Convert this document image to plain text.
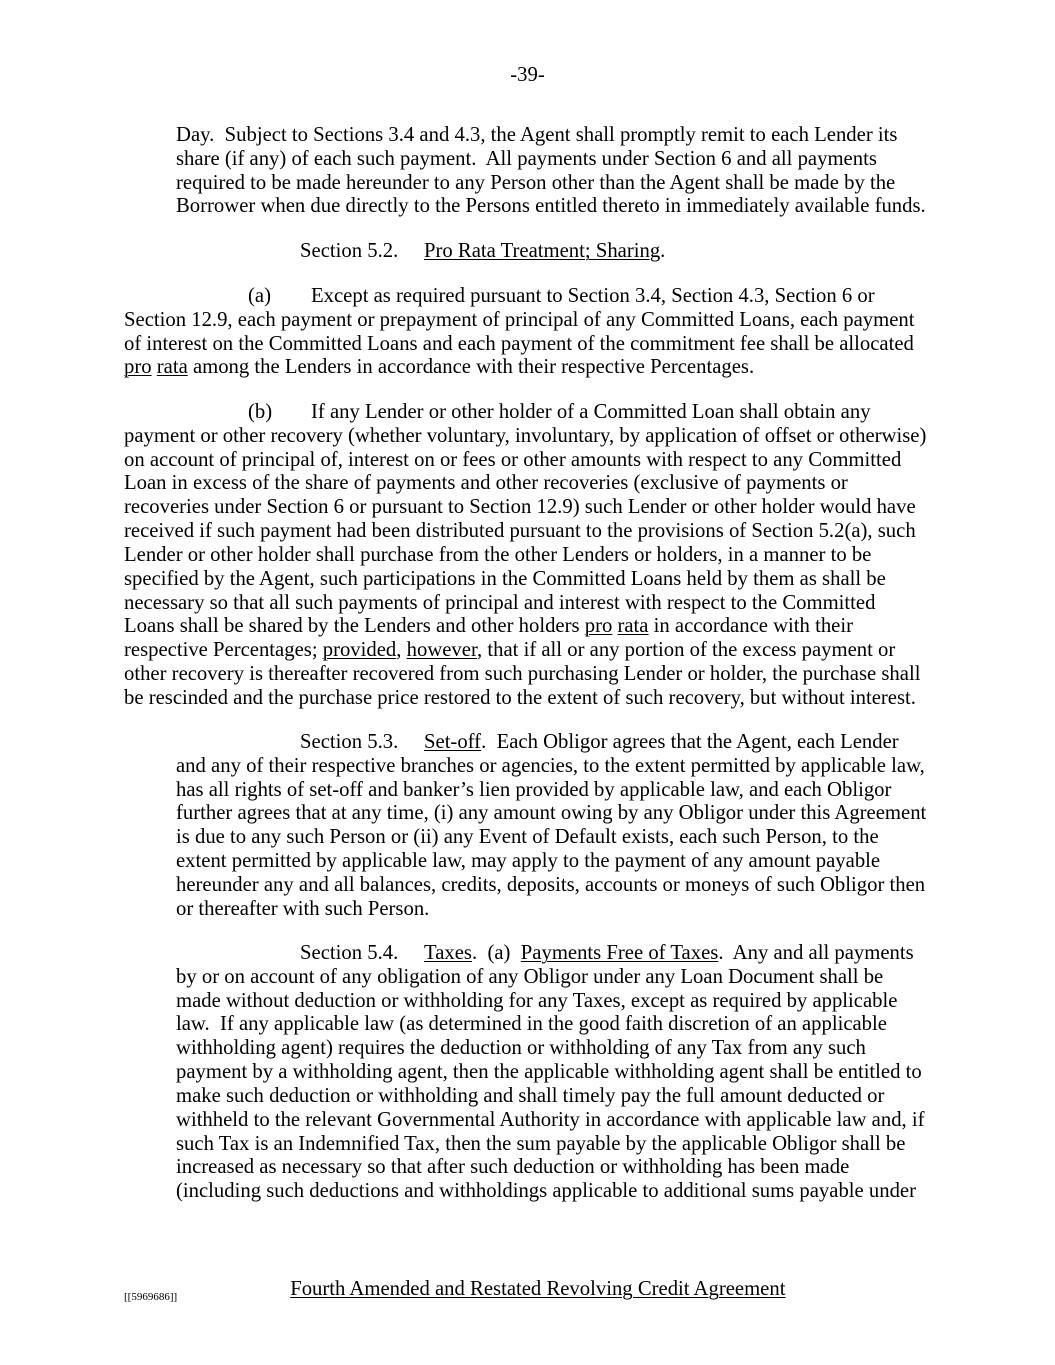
-39-
Day.  Subject to Sections 3.4 and 4.3, the Agent shall promptly remit to each Lender its
share (if any) of each such payment.  All payments under Section 6 and all payments
required to be made hereunder to any Person other than the Agent shall be made by the
Borrower when due directly to the Persons entitled thereto in immediately available funds.
Section 5.2. Pro Rata Treatment; Sharing.
(a) Except as required pursuant to Section 3.4, Section 4.3, Section 6 or
Section 12.9, each payment or prepayment of principal of any Committed Loans, each payment
of interest on the Committed Loans and each payment of the commitment fee shall be allocated
pro rata among the Lenders in accordance with their respective Percentages.
(b) If any Lender or other holder of a Committed Loan shall obtain any
payment or other recovery (whether voluntary, involuntary, by application of offset or otherwise)
on account of principal of, interest on or fees or other amounts with respect to any Committed
Loan in excess of the share of payments and other recoveries (exclusive of payments or
recoveries under Section 6 or pursuant to Section 12.9) such Lender or other holder would have
received if such payment had been distributed pursuant to the provisions of Section 5.2(a), such
Lender or other holder shall purchase from the other Lenders or holders, in a manner to be
specified by the Agent, such participations in the Committed Loans held by them as shall be
necessary so that all such payments of principal and interest with respect to the Committed
Loans shall be shared by the Lenders and other holders pro rata in accordance with their
respective Percentages; provided, however, that if all or any portion of the excess payment or
other recovery is thereafter recovered from such purchasing Lender or holder, the purchase shall
be rescinded and the purchase price restored to the extent of such recovery, but without interest.
Section 5.3. Set-off.  Each Obligor agrees that the Agent, each Lender
and any of their respective branches or agencies, to the extent permitted by applicable law,
has all rights of set-off and banker’s lien provided by applicable law, and each Obligor
further agrees that at any time, (i) any amount owing by any Obligor under this Agreement
is due to any such Person or (ii) any Event of Default exists, each such Person, to the
extent permitted by applicable law, may apply to the payment of any amount payable
hereunder any and all balances, credits, deposits, accounts or moneys of such Obligor then
or thereafter with such Person.
Section 5.4. Taxes.  (a)  Payments Free of Taxes.  Any and all payments
by or on account of any obligation of any Obligor under any Loan Document shall be
made without deduction or withholding for any Taxes, except as required by applicable
law.  If any applicable law (as determined in the good faith discretion of an applicable
withholding agent) requires the deduction or withholding of any Tax from any such
payment by a withholding agent, then the applicable withholding agent shall be entitled to
make such deduction or withholding and shall timely pay the full amount deducted or
withheld to the relevant Governmental Authority in accordance with applicable law and, if
such Tax is an Indemnified Tax, then the sum payable by the applicable Obligor shall be
increased as necessary so that after such deduction or withholding has been made
(including such deductions and withholdings applicable to additional sums payable under

Fourth Amended and Restated Revolving Credit Agreement

[[5969686]]
